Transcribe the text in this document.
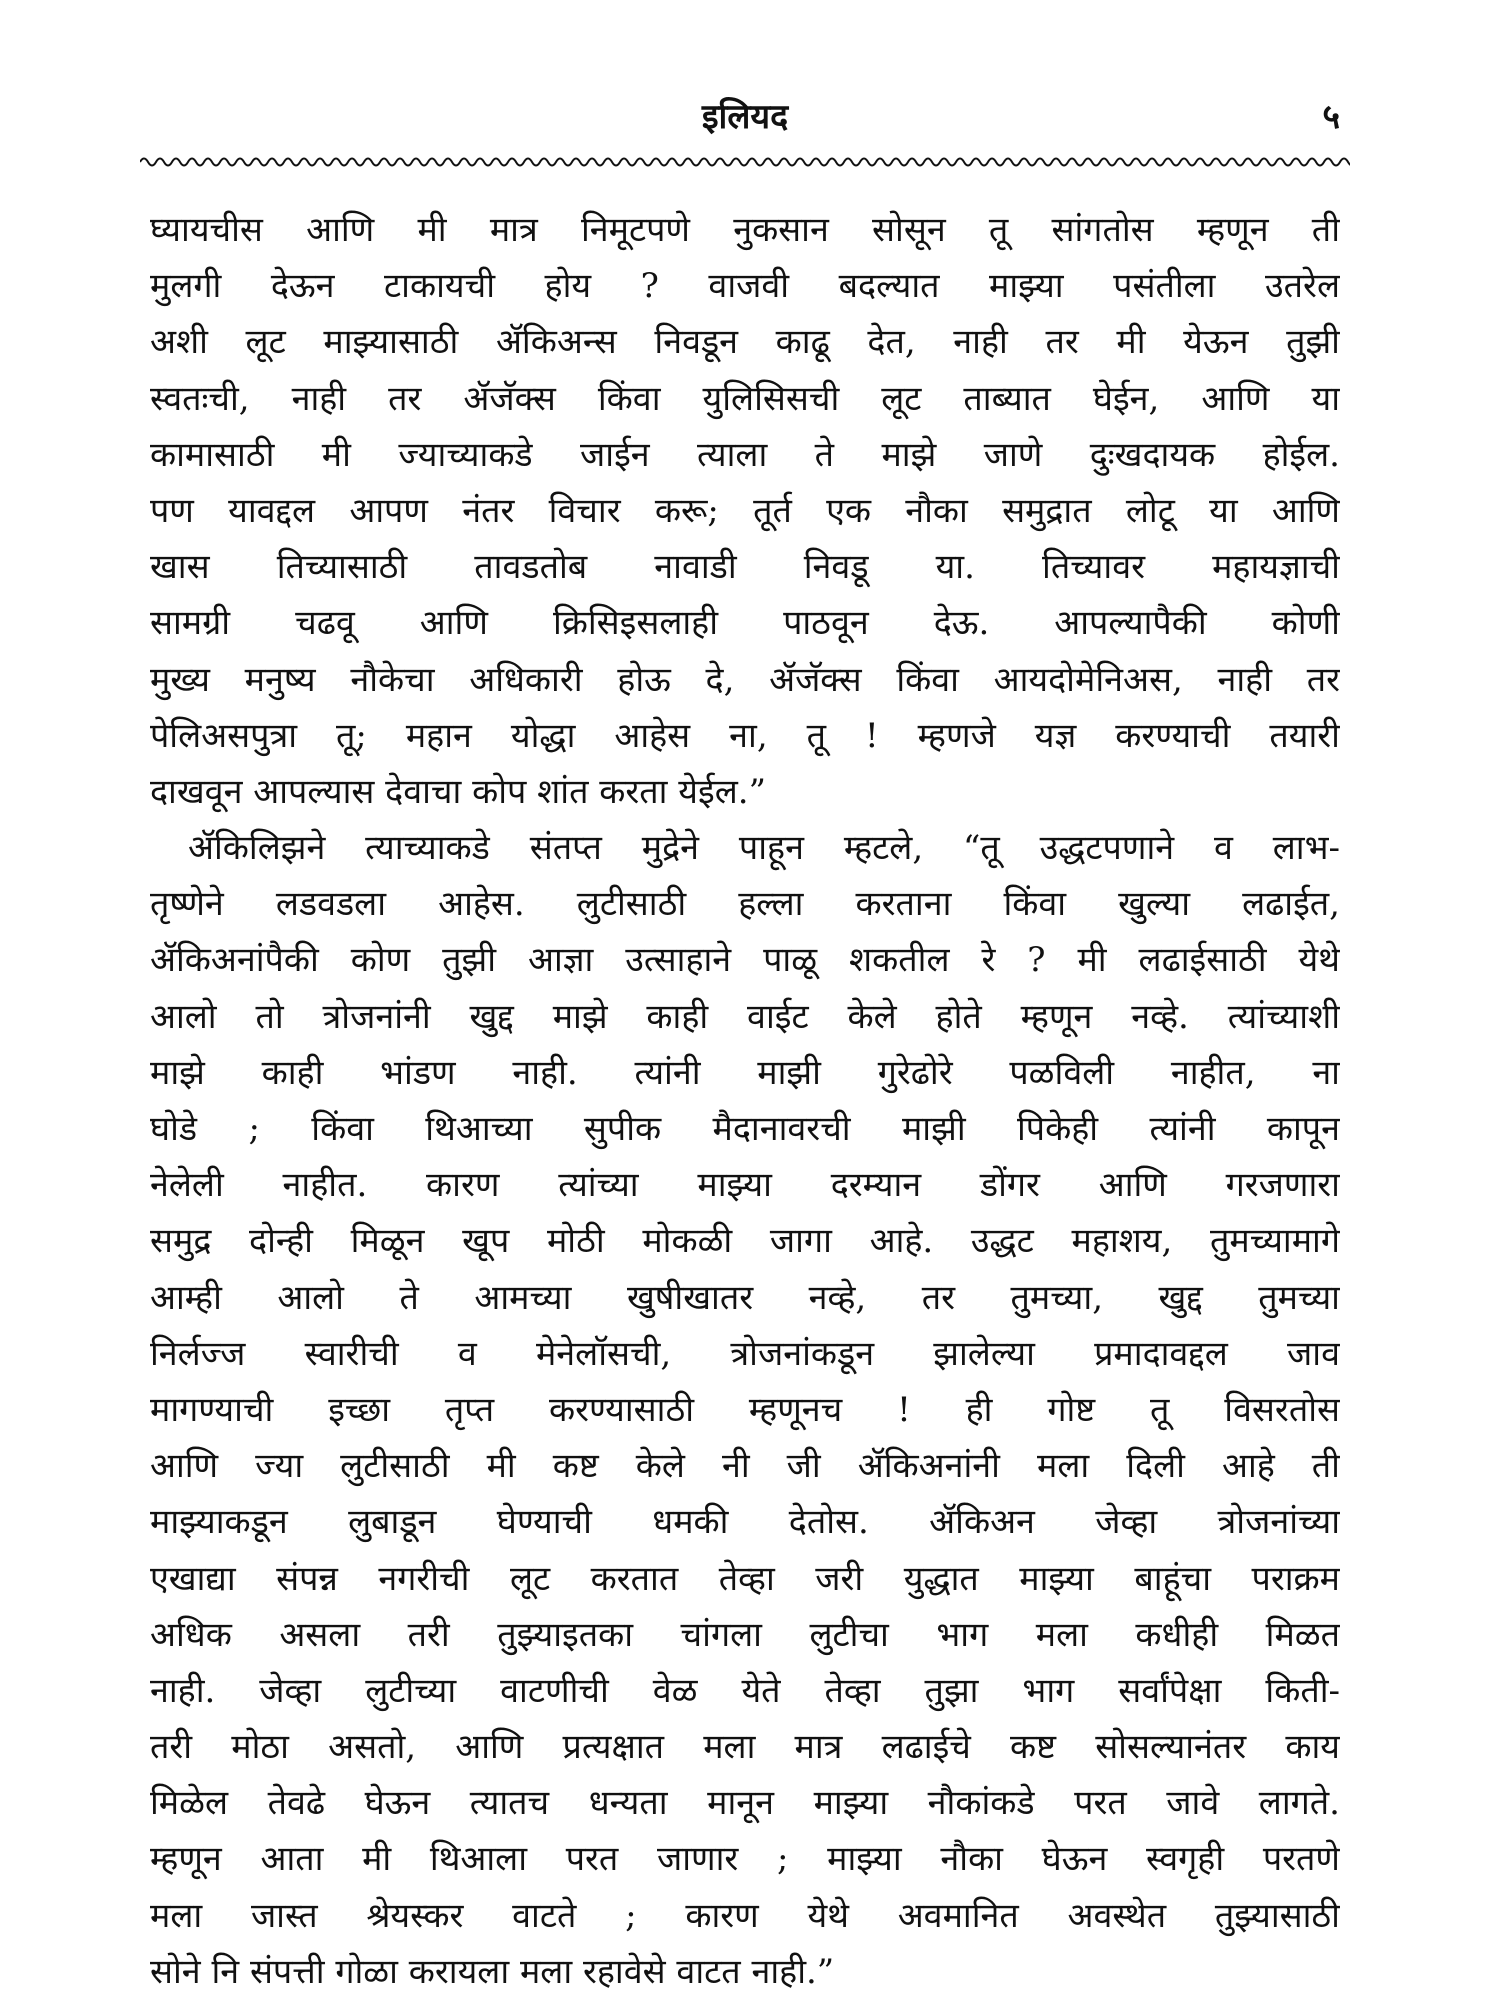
इलियद	५
घ्यायचीस आणि मी मात्र निमूटपणे नुकसान सोसून तू सांगतोस म्हणून ती
मुलगी देऊन टाकायची होय ? वाजवी बदल्यात माझ्या पसंतीला उतरेल
अशी लूट माझ्यासाठी ॲकिअन्स निवडून काढू देत, नाही तर मी येऊन तुझी
स्वतःची, नाही तर ॲजॅक्स किंवा युलिसिसची लूट ताब्यात घेईन, आणि या
कामासाठी मी ज्याच्याकडे जाईन त्याला ते माझे जाणे दुःखदायक होईल.
पण यावद्दल आपण नंतर विचार करू; तूर्त एक नौका समुद्रात लोटू या आणि
खास तिच्यासाठी तावडतोब नावाडी निवडू या. तिच्यावर महायज्ञाची
सामग्री चढवू आणि क्रिसिइसलाही पाठवून देऊ. आपल्यापैकी कोणी
मुख्य मनुष्य नौकेचा अधिकारी होऊ दे, ॲजॅक्स किंवा आयदोमेनिअस, नाही तर
पेलिअसपुत्रा तू; महान योद्धा आहेस ना, तू ! म्हणजे यज्ञ करण्याची तयारी
दाखवून आपल्यास देवाचा कोप शांत करता येईल.”
ॲकिलिझने त्याच्याकडे संतप्त मुद्रेने पाहून म्हटले, “तू उद्धटपणाने व लाभ-
तृष्णेने लडवडला आहेस. लुटीसाठी हल्ला करताना किंवा खुल्या लढाईत,
ॲकिअनांपैकी कोण तुझी आज्ञा उत्साहाने पाळू शकतील रे ? मी लढाईसाठी येथे
आलो तो त्रोजनांनी खुद्द माझे काही वाईट केले होते म्हणून नव्हे. त्यांच्याशी
माझे काही भांडण नाही. त्यांनी माझी गुरेढोरे पळविली नाहीत, ना
घोडे ; किंवा थिआच्या सुपीक मैदानावरची माझी पिकेही त्यांनी कापून
नेलेली नाहीत. कारण त्यांच्या माझ्या दरम्यान डोंगर आणि गरजणारा
समुद्र दोन्ही मिळून खूप मोठी मोकळी जागा आहे. उद्धट महाशय, तुमच्यामागे
आम्ही आलो ते आमच्या खुषीखातर नव्हे, तर तुमच्या, खुद्द तुमच्या
निर्लज्ज स्वारीची व मेनेलॉसची, त्रोजनांकडून झालेल्या प्रमादावद्दल जाव
मागण्याची इच्छा तृप्त करण्यासाठी म्हणूनच ! ही गोष्ट तू विसरतोस
आणि ज्या लुटीसाठी मी कष्ट केले नी जी ॲकिअनांनी मला दिली आहे ती
माझ्याकडून लुबाडून घेण्याची धमकी देतोस. ॲकिअन जेव्हा त्रोजनांच्या
एखाद्या संपन्न नगरीची लूट करतात तेव्हा जरी युद्धात माझ्या बाहूंचा पराक्रम
अधिक असला तरी तुझ्याइतका चांगला लुटीचा भाग मला कधीही मिळत
नाही. जेव्हा लुटीच्या वाटणीची वेळ येते तेव्हा तुझा भाग सर्वांपेक्षा किती-
तरी मोठा असतो, आणि प्रत्यक्षात मला मात्र लढाईचे कष्ट सोसल्यानंतर काय
मिळेल तेवढे घेऊन त्यातच धन्यता मानून माझ्या नौकांकडे परत जावे लागते.
म्हणून आता मी थिआला परत जाणार ; माझ्या नौका घेऊन स्वगृही परतणे
मला जास्त श्रेयस्कर वाटते ; कारण येथे अवमानित अवस्थेत तुझ्यासाठी
सोने नि संपत्ती गोळा करायला मला रहावेसे वाटत नाही.”
